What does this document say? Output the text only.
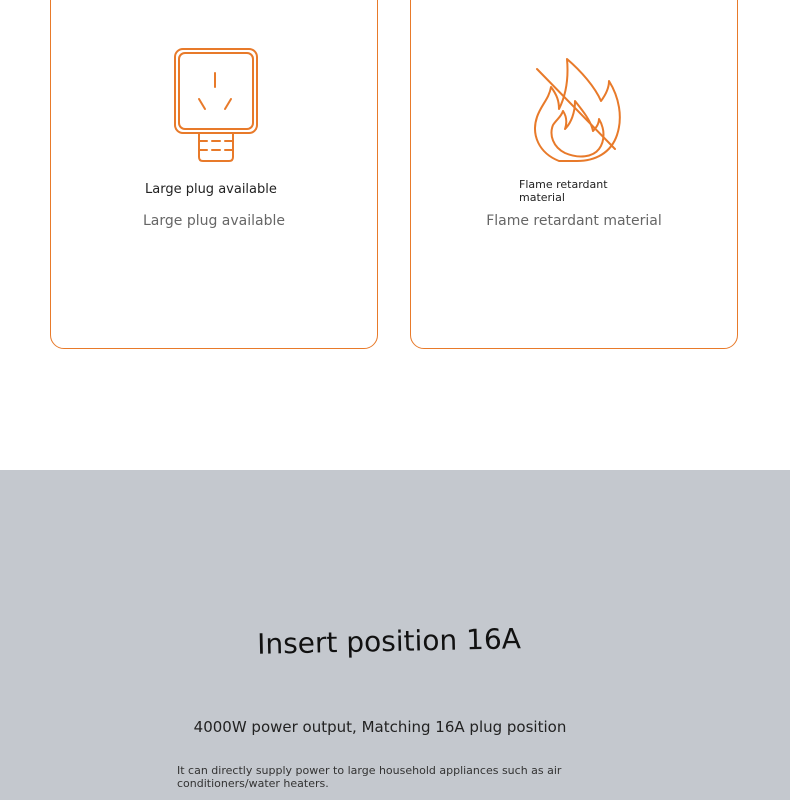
Large plug available
Large plug available
Flame retardant material
Flame retardant material
Insert position 16A
4000W power output, Matching 16A plug position
It can directly supply power to large household appliances such as air conditioners/water heaters.
